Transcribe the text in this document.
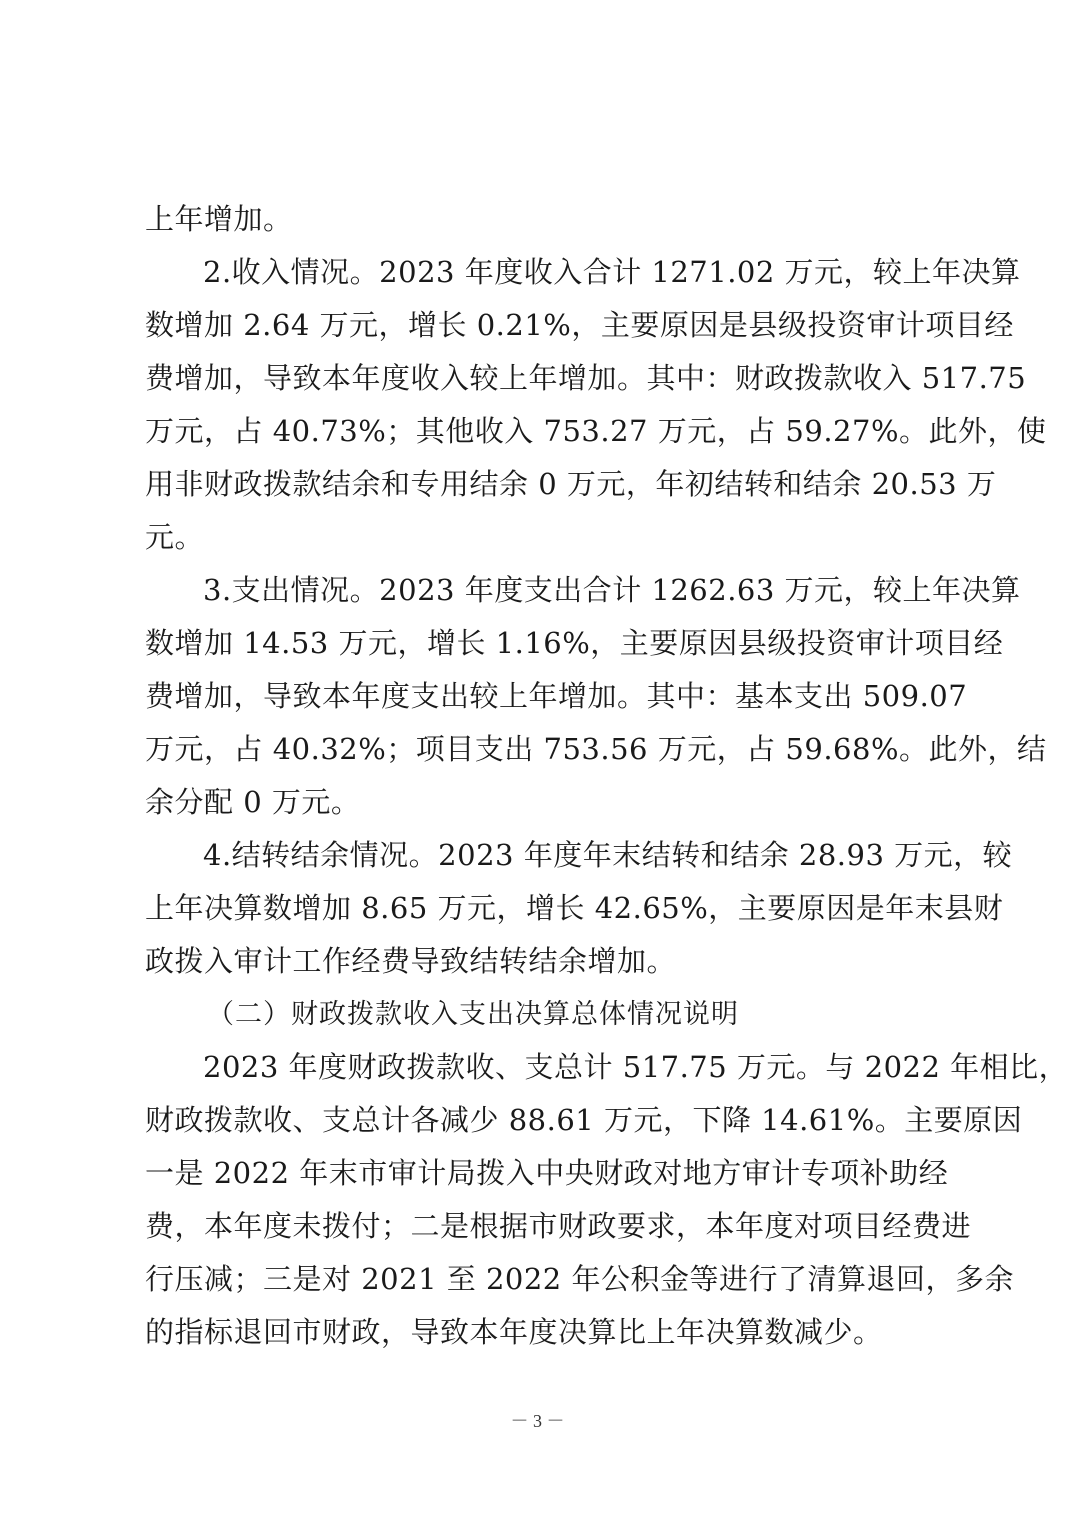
上年增加。
2.收入情况。2023 年度收入合计 1271.02 万元，较上年决算
数增加 2.64 万元，增长 0.21%，主要原因是县级投资审计项目经
费增加，导致本年度收入较上年增加。其中：财政拨款收入 517.75
万元，占 40.73%；其他收入 753.27 万元，占 59.27%。此外，使
用非财政拨款结余和专用结余 0 万元，年初结转和结余 20.53 万
元。
3.支出情况。2023 年度支出合计 1262.63 万元，较上年决算
数增加 14.53 万元，增长 1.16%，主要原因县级投资审计项目经
费增加，导致本年度支出较上年增加。其中：基本支出 509.07
万元，占 40.32%；项目支出 753.56 万元，占 59.68%。此外，结
余分配 0 万元。
4.结转结余情况。2023 年度年末结转和结余 28.93 万元，较
上年决算数增加 8.65 万元，增长 42.65%，主要原因是年末县财
政拨入审计工作经费导致结转结余增加。
（二）财政拨款收入支出决算总体情况说明
2023 年度财政拨款收、支总计 517.75 万元。与 2022 年相比，
财政拨款收、支总计各减少 88.61 万元，下降 14.61%。主要原因
一是 2022 年末市审计局拨入中央财政对地方审计专项补助经
费，本年度未拨付；二是根据市财政要求，本年度对项目经费进
行压减；三是对 2021 至 2022 年公积金等进行了清算退回，多余
的指标退回市财政，导致本年度决算比上年决算数减少。
－ 3 －
